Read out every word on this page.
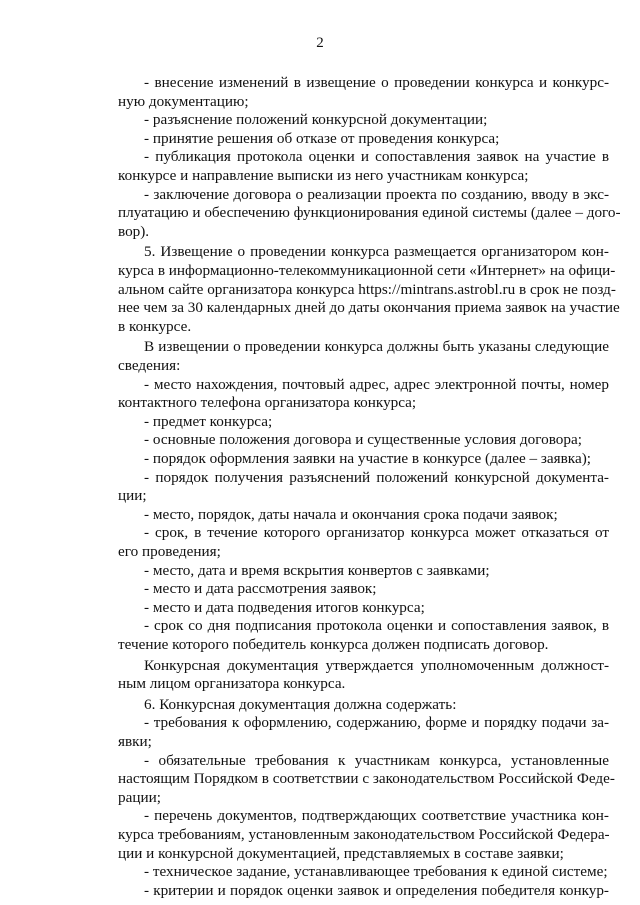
2
- внесение изменений в извещение о проведении конкурса и конкурс-
ную документацию;
- разъяснение положений конкурсной документации;
- принятие решения об отказе от проведения конкурса;
- публикация протокола оценки и сопоставления заявок на участие в
конкурсе и направление выписки из него участникам конкурса;
- заключение договора о реализации проекта по созданию, вводу в экс-
плуатацию и обеспечению функционирования единой системы (далее – дого-
вор).
5. Извещение о проведении конкурса размещается организатором кон-
курса в информационно-телекоммуникационной сети «Интернет» на офици-
альном сайте организатора конкурса https://mintrans.astrobl.ru в срок не позд-
нее чем за 30 календарных дней до даты окончания приема заявок на участие
в конкурсе.
В извещении о проведении конкурса должны быть указаны следующие
сведения:
- место нахождения, почтовый адрес, адрес электронной почты, номер
контактного телефона организатора конкурса;
- предмет конкурса;
- основные положения договора и существенные условия договора;
- порядок оформления заявки на участие в конкурсе (далее – заявка);
- порядок получения разъяснений положений конкурсной документа-
ции;
- место, порядок, даты начала и окончания срока подачи заявок;
- срок, в течение которого организатор конкурса может отказаться от
его проведения;
- место, дата и время вскрытия конвертов с заявками;
- место и дата рассмотрения заявок;
- место и дата подведения итогов конкурса;
- срок со дня подписания протокола оценки и сопоставления заявок, в
течение которого победитель конкурса должен подписать договор.
Конкурсная документация утверждается уполномоченным должност-
ным лицом организатора конкурса.
6. Конкурсная документация должна содержать:
- требования к оформлению, содержанию, форме и порядку подачи за-
явки;
- обязательные требования к участникам конкурса, установленные
настоящим Порядком в соответствии с законодательством Российской Феде-
рации;
- перечень документов, подтверждающих соответствие участника кон-
курса требованиям, установленным законодательством Российской Федера-
ции и конкурсной документацией, представляемых в составе заявки;
- техническое задание, устанавливающее требования к единой системе;
- критерии и порядок оценки заявок и определения победителя конкур-
